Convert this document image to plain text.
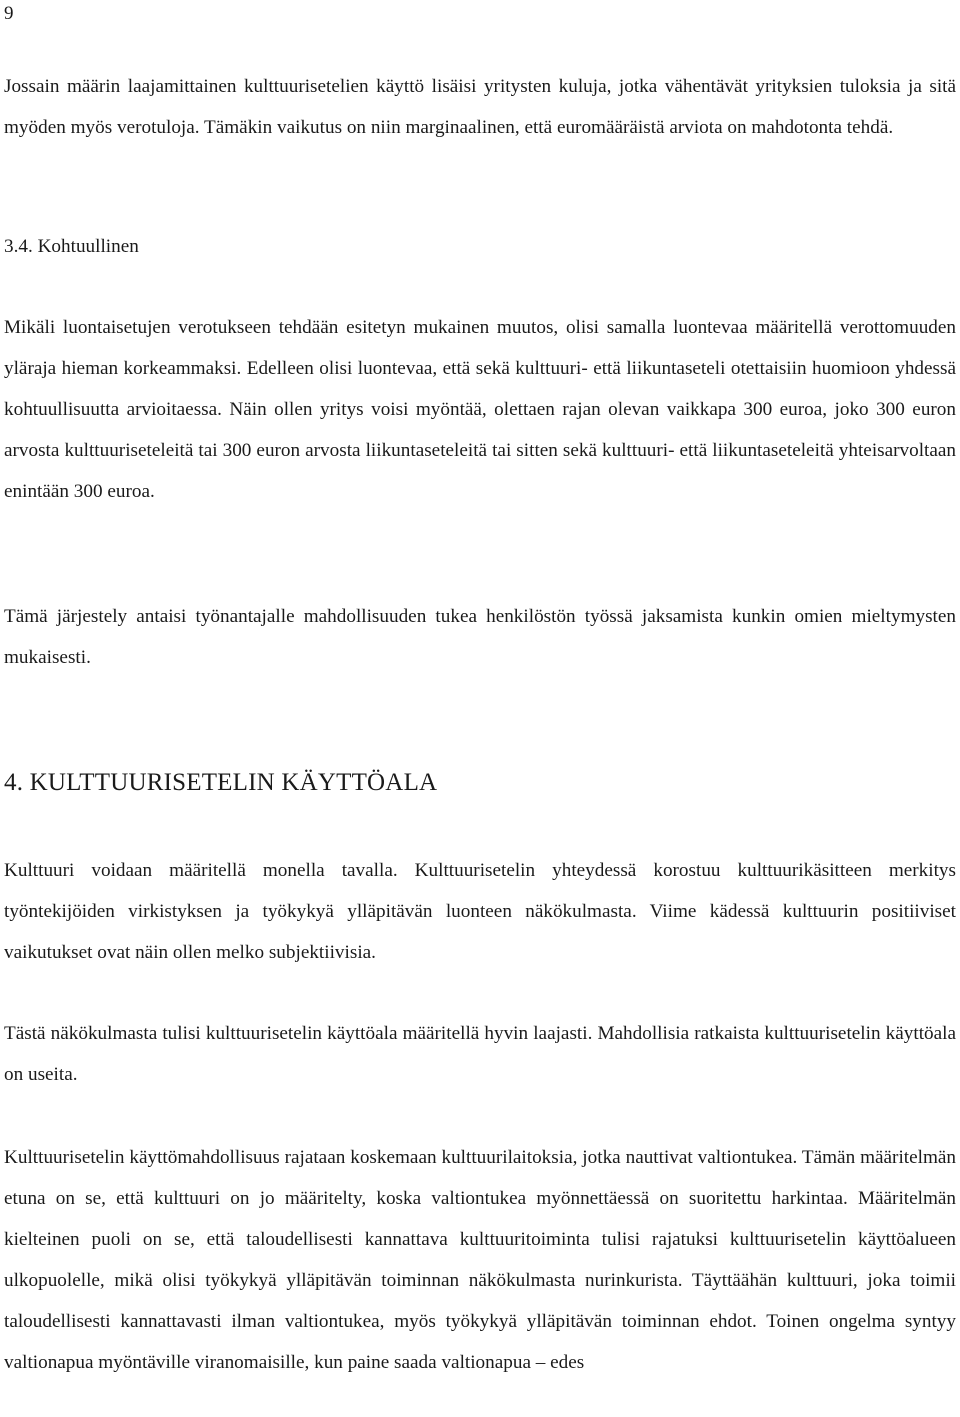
9

Jossain määrin laajamittainen kulttuurisetelien käyttö lisäisi yritysten kuluja, jotka vähentävät yrityksien tuloksia ja sitä myöden myös verotuloja. Tämäkin vaikutus on niin marginaalinen, että euromääräistä arviota on mahdotonta tehdä.

3.4. Kohtuullinen

Mikäli luontaisetujen verotukseen tehdään esitetyn mukainen muutos, olisi samalla luontevaa määritellä verottomuuden yläraja hieman korkeammaksi. Edelleen olisi luontevaa, että sekä kulttuuri- että liikuntaseteli otettaisiin huomioon yhdessä kohtuullisuutta arvioitaessa. Näin ollen yritys voisi myöntää, olettaen rajan olevan vaikkapa 300 euroa, joko 300 euron arvosta kulttuuriseteleitä tai 300 euron arvosta liikuntaseteleitä tai sitten sekä kulttuuri- että liikuntaseteleitä yhteisarvoltaan enintään 300 euroa.

Tämä järjestely antaisi työnantajalle mahdollisuuden tukea henkilöstön työssä jaksamista kunkin omien mieltymysten mukaisesti.

4. KULTTUURISETELIN KÄYTTÖALA

Kulttuuri voidaan määritellä monella tavalla. Kulttuurisetelin yhteydessä korostuu kulttuurikäsitteen merkitys työntekijöiden virkistyksen ja työkykyä ylläpitävän luonteen näkökulmasta. Viime kädessä kulttuurin positiiviset vaikutukset ovat näin ollen melko subjektiivisia.

Tästä näkökulmasta tulisi kulttuurisetelin käyttöala määritellä hyvin laajasti. Mahdollisia ratkaista kulttuurisetelin käyttöala on useita.

Kulttuurisetelin käyttömahdollisuus rajataan koskemaan kulttuurilaitoksia, jotka nauttivat valtiontukea. Tämän määritelmän etuna on se, että kulttuuri on jo määritelty, koska valtiontukea myönnettäessä on suoritettu harkintaa. Määritelmän kielteinen puoli on se, että taloudellisesti kannattava kulttuuritoiminta tulisi rajatuksi kulttuurisetelin käyttöalueen ulkopuolelle, mikä olisi työkykyä ylläpitävän toiminnan näkökulmasta nurinkurista. Täyttäähän kulttuuri, joka toimii taloudellisesti kannattavasti ilman valtiontukea, myös työkykyä ylläpitävän toiminnan ehdot. Toinen ongelma syntyy valtionapua myöntäville viranomaisille, kun paine saada valtionapua – edes
